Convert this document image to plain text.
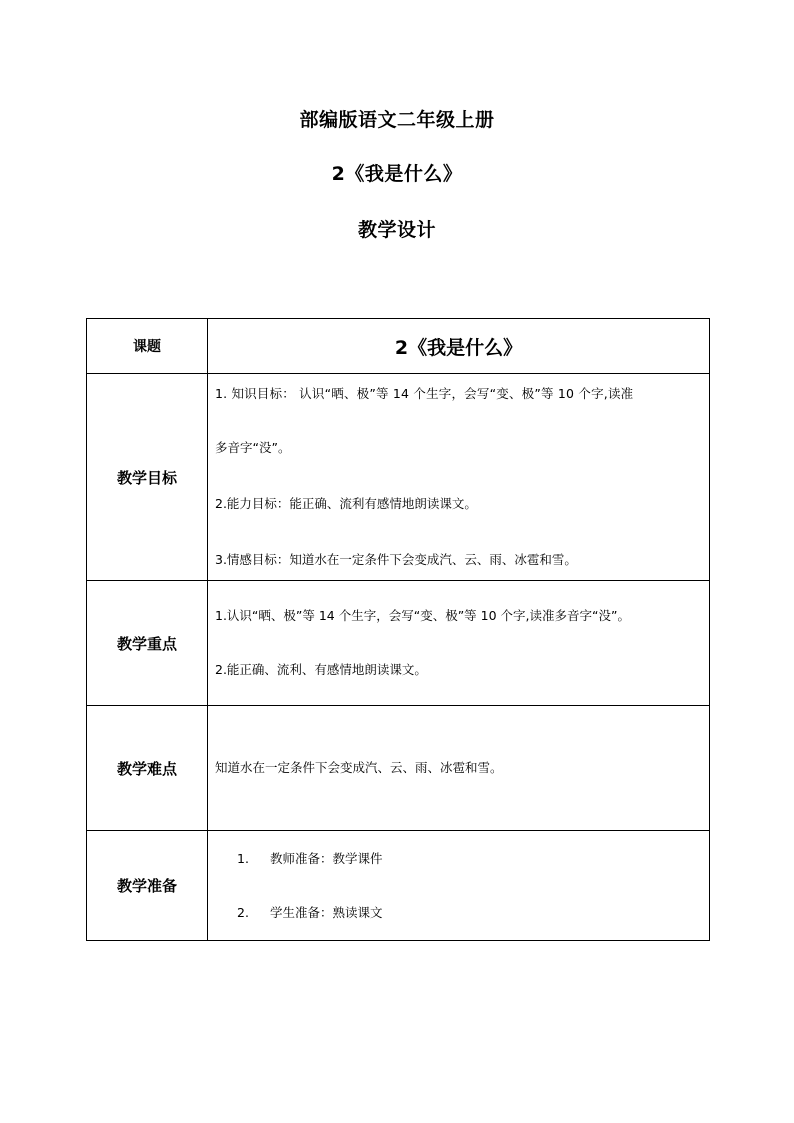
部编版语文二年级上册
2《我是什么》
教学设计
课题	2《我是什么》
教学目标	1. 知识目标： 认识“晒、极”等 14 个生字，会写“变、极”等 10 个字,读准

多音字“没”。

2.能力目标：能正确、流利有感情地朗读课文。

3.情感目标：知道水在一定条件下会变成汽、云、雨、冰雹和雪。

教学重点	1.认识“晒、极”等 14 个生字，会写“变、极”等 10 个字,读准多音字“没”。

2.能正确、流利、有感情地朗读课文。

教学难点	知道水在一定条件下会变成汽、云、雨、冰雹和雪。

教学准备	1. 教师准备：教学课件
2. 学生准备：熟读课文
